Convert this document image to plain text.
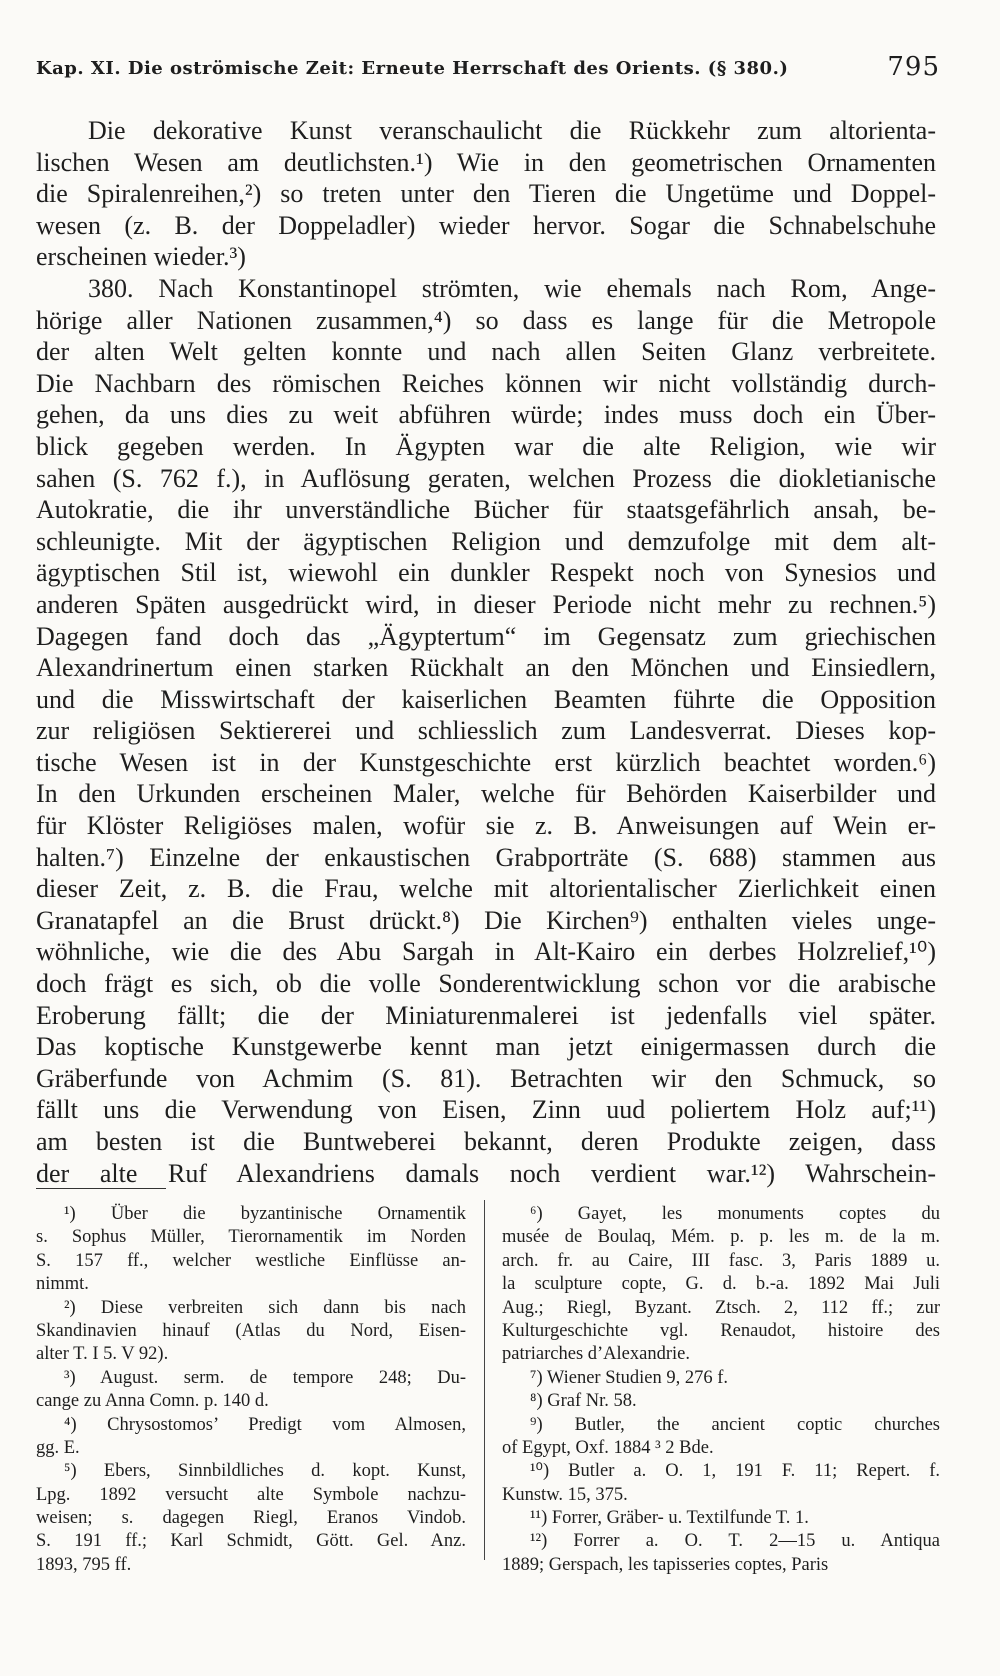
Kap. XI. Die oströmische Zeit: Erneute Herrschaft des Orients. (§ 380.)	795
Die dekorative Kunst veranschaulicht die Rückkehr zum altorienta-
lischen Wesen am deutlichsten.¹) Wie in den geometrischen Ornamenten
die Spiralenreihen,²) so treten unter den Tieren die Ungetüme und Doppel-
wesen (z. B. der Doppeladler) wieder hervor. Sogar die Schnabelschuhe
erscheinen wieder.³)
380. Nach Konstantinopel strömten, wie ehemals nach Rom, Ange-
hörige aller Nationen zusammen,⁴) so dass es lange für die Metropole
der alten Welt gelten konnte und nach allen Seiten Glanz verbreitete.
Die Nachbarn des römischen Reiches können wir nicht vollständig durch-
gehen, da uns dies zu weit abführen würde; indes muss doch ein Über-
blick gegeben werden. In Ägypten war die alte Religion, wie wir
sahen (S. 762 f.), in Auflösung geraten, welchen Prozess die diokletianische
Autokratie, die ihr unverständliche Bücher für staatsgefährlich ansah, be-
schleunigte. Mit der ägyptischen Religion und demzufolge mit dem alt-
ägyptischen Stil ist, wiewohl ein dunkler Respekt noch von Synesios und
anderen Späten ausgedrückt wird, in dieser Periode nicht mehr zu rechnen.⁵)
Dagegen fand doch das „Ägyptertum“ im Gegensatz zum griechischen
Alexandrinertum einen starken Rückhalt an den Mönchen und Einsiedlern,
und die Misswirtschaft der kaiserlichen Beamten führte die Opposition
zur religiösen Sektiererei und schliesslich zum Landesverrat. Dieses kop-
tische Wesen ist in der Kunstgeschichte erst kürzlich beachtet worden.⁶)
In den Urkunden erscheinen Maler, welche für Behörden Kaiserbilder und
für Klöster Religiöses malen, wofür sie z. B. Anweisungen auf Wein er-
halten.⁷) Einzelne der enkaustischen Grabporträte (S. 688) stammen aus
dieser Zeit, z. B. die Frau, welche mit altorientalischer Zierlichkeit einen
Granatapfel an die Brust drückt.⁸) Die Kirchen⁹) enthalten vieles unge-
wöhnliche, wie die des Abu Sargah in Alt-Kairo ein derbes Holzrelief,¹⁰)
doch frägt es sich, ob die volle Sonderentwicklung schon vor die arabische
Eroberung fällt; die der Miniaturenmalerei ist jedenfalls viel später.
Das koptische Kunstgewerbe kennt man jetzt einigermassen durch die
Gräberfunde von Achmim (S. 81). Betrachten wir den Schmuck, so
fällt uns die Verwendung von Eisen, Zinn uud poliertem Holz auf;¹¹)
am besten ist die Buntweberei bekannt, deren Produkte zeigen, dass
der alte Ruf Alexandriens damals noch verdient war.¹²) Wahrschein-
¹) Über die byzantinische Ornamentik
s. Sophus Müller, Tierornamentik im Norden
S. 157 ff., welcher westliche Einflüsse an-
nimmt.
²) Diese verbreiten sich dann bis nach
Skandinavien hinauf (Atlas du Nord, Eisen-
alter T. I 5. V 92).
³) August. serm. de tempore 248; Du-
cange zu Anna Comn. p. 140 d.
⁴) Chrysostomos’ Predigt vom Almosen,
gg. E.
⁵) Ebers, Sinnbildliches d. kopt. Kunst,
Lpg. 1892 versucht alte Symbole nachzu-
weisen; s. dagegen Riegl, Eranos Vindob.
S. 191 ff.; Karl Schmidt, Gött. Gel. Anz.
1893, 795 ff.
⁶) Gayet, les monuments coptes du
musée de Boulaq, Mém. p. p. les m. de la m.
arch. fr. au Caire, III fasc. 3, Paris 1889 u.
la sculpture copte, G. d. b.-a. 1892 Mai Juli
Aug.; Riegl, Byzant. Ztsch. 2, 112 ff.; zur
Kulturgeschichte vgl. Renaudot, histoire des
patriarches d’Alexandrie.
⁷) Wiener Studien 9, 276 f.
⁸) Graf Nr. 58.
⁹) Butler, the ancient coptic churches
of Egypt, Oxf. 1884 ³ 2 Bde.
¹⁰) Butler a. O. 1, 191 F. 11; Repert. f.
Kunstw. 15, 375.
¹¹) Forrer, Gräber- u. Textilfunde T. 1.
¹²) Forrer a. O. T. 2—15 u. Antiqua
1889; Gerspach, les tapisseries coptes, Paris
